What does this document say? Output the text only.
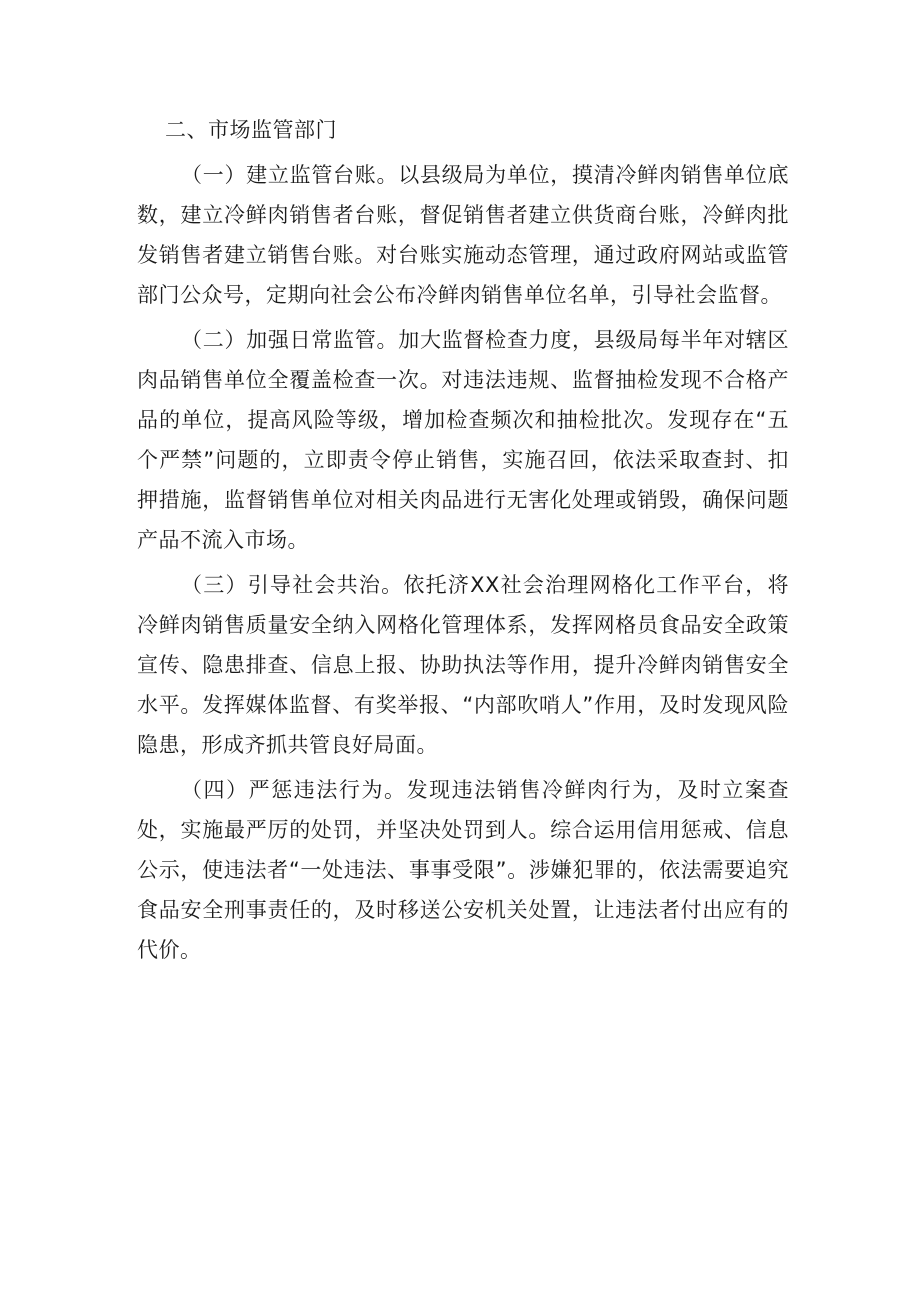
二、市场监管部门

（一）建立监管台账。以县级局为单位，摸清冷鲜肉销售单位底数，建立冷鲜肉销售者台账，督促销售者建立供货商台账，冷鲜肉批发销售者建立销售台账。对台账实施动态管理，通过政府网站或监管部门公众号，定期向社会公布冷鲜肉销售单位名单，引导社会监督。

（二）加强日常监管。加大监督检查力度，县级局每半年对辖区肉品销售单位全覆盖检查一次。对违法违规、监督抽检发现不合格产品的单位，提高风险等级，增加检查频次和抽检批次。发现存在“五个严禁”问题的，立即责令停止销售，实施召回，依法采取查封、扣押措施，监督销售单位对相关肉品进行无害化处理或销毁，确保问题产品不流入市场。

（三）引导社会共治。依托济XX社会治理网格化工作平台，将冷鲜肉销售质量安全纳入网格化管理体系，发挥网格员食品安全政策宣传、隐患排查、信息上报、协助执法等作用，提升冷鲜肉销售安全水平。发挥媒体监督、有奖举报、“内部吹哨人”作用，及时发现风险隐患，形成齐抓共管良好局面。

（四）严惩违法行为。发现违法销售冷鲜肉行为，及时立案查处，实施最严厉的处罚，并坚决处罚到人。综合运用信用惩戒、信息公示，使违法者“一处违法、事事受限”。涉嫌犯罪的，依法需要追究食品安全刑事责任的，及时移送公安机关处置，让违法者付出应有的代价。
